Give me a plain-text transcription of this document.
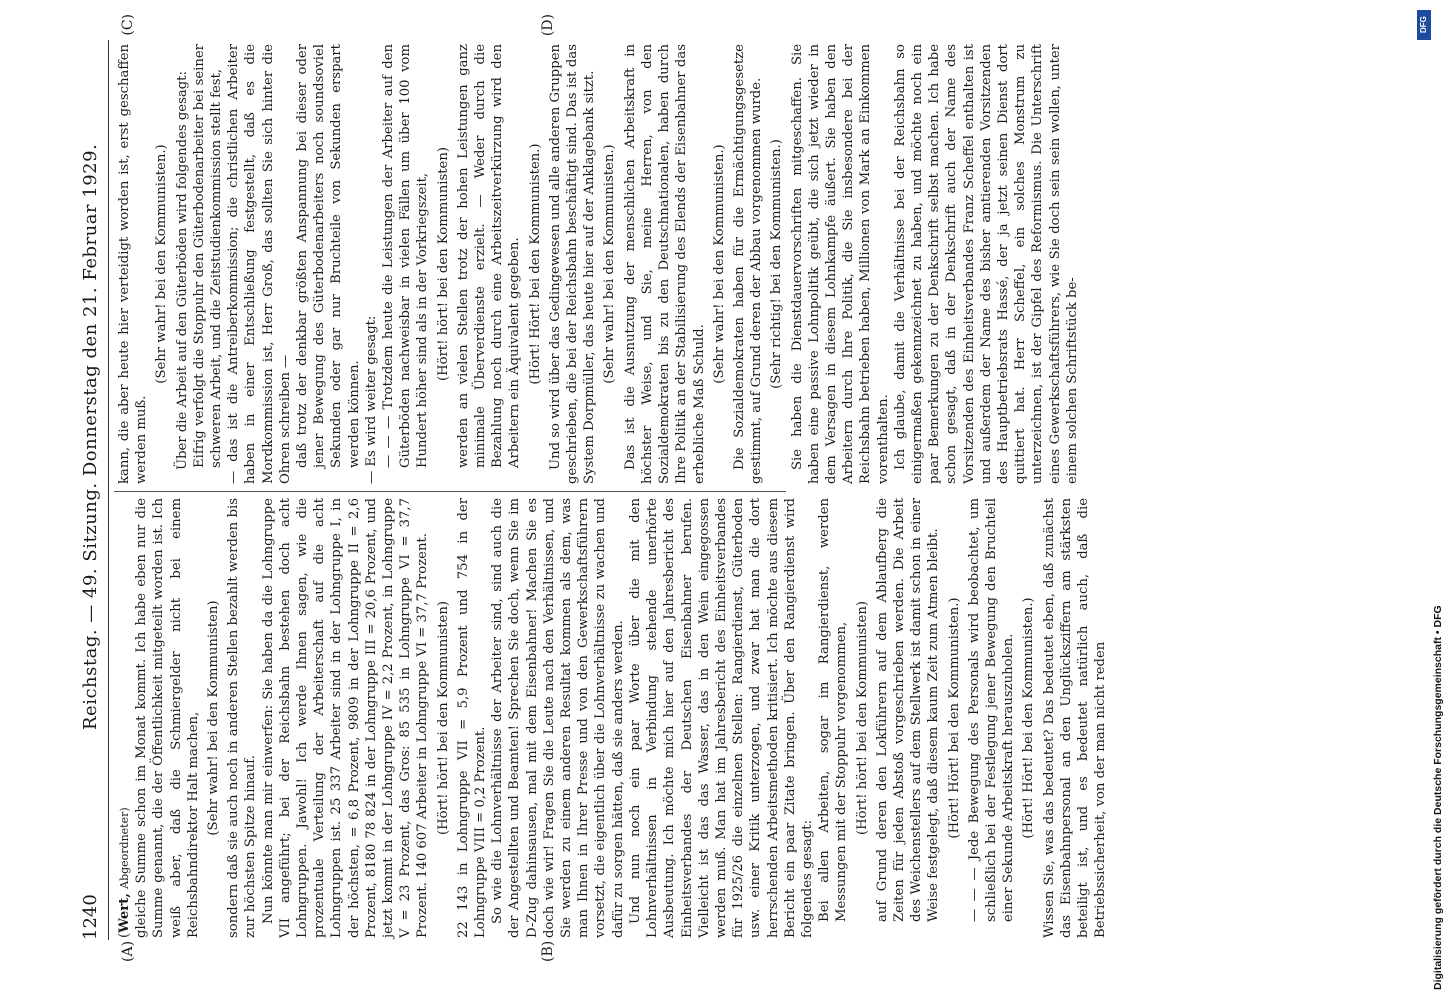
1240
Reichstag. — 49. Sitzung. Donnerstag den 21. Februar 1929.
(A)	(B)
(C)	(D)

(Wert, Abgeordneter) gleiche Summe schon im Monat kommt. Ich habe eben nur die Summe genannt, die der Öffentlichkeit mitgeteilt worden ist. Ich weiß aber, daß die Schmiergelder nicht bei einem Reichsbahndirektor Halt machen, (Sehr wahr! bei den Kommunisten) sondern daß sie auch noch in anderen Stellen bezahlt werden bis zur höchsten Spitze hinauf. Nun könnte man mir einwerfen: Sie haben da die Lohngruppe VII angeführt; bei der Reichsbahn bestehen doch acht Lohngruppen. Jawohl! Ich werde Ihnen sagen, wie die prozentuale Verteilung der Arbeiterschaft auf die acht Lohngruppen ist. 25 337 Arbeiter sind in der Lohngruppe I, in der höchsten, = 6,8 Prozent, 9809 in der Lohngruppe II = 2,6 Prozent, 8180 78 824 in der Lohngruppe III = 20,6 Prozent, und jetzt kommt in der Lohngruppe IV = 2,2 Prozent, in Lohngruppe V = 23 Prozent, das Gros: 85 535 in Lohngruppe VI = 37,7 Prozent. 140 607 Arbeiter in Lohngruppe VI = 37,7 Prozent. (Hört! hört! bei den Kommunisten) 22 143 in Lohngruppe VII = 5,9 Prozent und 754 in der Lohngruppe VIII = 0,2 Prozent. So wie die Lohnverhältnisse der Arbeiter sind, sind auch die der Angestellten und Beamten! Sprechen Sie doch, wenn Sie im D-Zug dahinsausen, mal mit dem Eisenbahner! Machen Sie es doch wie wir! Fragen Sie die Leute nach den Verhältnissen, und Sie werden zu einem anderen Resultat kommen als dem, was man Ihnen in Ihrer Presse und von den Gewerkschaftsführern vorsetzt, die eigentlich über die Lohnverhältnisse zu wachen und dafür zu sorgen hätten, daß sie anders werden. Und nun noch ein paar Worte über die mit den Lohnverhältnissen in Verbindung stehende unerhörte Ausbeutung. Ich möchte mich hier auf den Jahresbericht des Einheitsverbandes der Deutschen Eisenbahner berufen. Vielleicht ist das das Wasser, das in den Wein eingegossen werden muß. Man hat im Jahresbericht des Einheitsverbandes für 1925/26 die einzelnen Stellen: Rangierdienst, Güterboden usw. einer Kritik unterzogen, und zwar hat man die dort herrschenden Arbeitsmethoden kritisiert. Ich möchte aus diesem Bericht ein paar Zitate bringen. Über den Rangierdienst wird folgendes gesagt: Bei allen Arbeiten, sogar im Rangierdienst, werden Messungen mit der Stoppuhr vorgenommen, (Hört! hört! bei den Kommunisten) auf Grund deren den Lokführern auf dem Ablaufberg die Zeiten für jeden Abstoß vorgeschrieben werden. Die Arbeit des Weichenstellers auf dem Stellwerk ist damit schon in einer Weise festgelegt, daß diesem kaum Zeit zum Atmen bleibt. (Hört! Hört! bei den Kommunisten.) — — — Jede Bewegung des Personals wird beobachtet, um schließlich bei der Festlegung jener Bewegung den Bruchteil einer Sekunde Arbeitskraft herauszuholen. (Hört! Hört! bei den Kommunisten.) Wissen Sie, was das bedeutet? Das bedeutet eben, daß zunächst das Eisenbahnpersonal an den Unglücksziffern am stärksten beteiligt ist, und es bedeutet natürlich auch, daß die Betriebssicherheit, von der man nicht reden

kann, die aber heute hier verteidigt worden ist, erst geschaffen werden muß.

(Sehr wahr! bei den Kommunisten.) Über die Arbeit auf den Güterböden wird folgendes gesagt: Eifrig verfolgt die Stoppuhr den Güterbodenarbeiter bei seiner schweren Arbeit, und die Zeitstudienkommission stellt fest, — das ist die Antreiberkommission; die christlichen Arbeiter haben in einer Entschließung festgestellt, daß es die Mordkommission ist, Herr Groß, das sollten Sie sich hinter die Ohren schreiben — daß trotz der denkbar größten Anspannung bei dieser oder jener Bewegung des Güterbodenarbeiters noch soundsoviel Sekunden oder gar nur Bruchteile von Sekunden erspart werden können. — Es wird weiter gesagt: — — — Trotzdem heute die Leistungen der Arbeiter auf den Güterböden nachweisbar in vielen Fällen um über 100 vom Hundert höher sind als in der Vorkriegszeit, (Hört! hört! bei den Kommunisten) werden an vielen Stellen trotz der hohen Leistungen ganz minimale Überverdienste erzielt. — Weder durch die Bezahlung noch durch eine Arbeitszeitverkürzung wird den Arbeitern ein Äquivalent gegeben. (Hört! Hört! bei den Kommunisten.) Und so wird über das Gedingewesen und alle anderen Gruppen geschrieben, die bei der Reichsbahn beschäftigt sind. Das ist das System Dorpmüller, das heute hier auf der Anklagebank sitzt. (Sehr wahr! bei den Kommunisten.) Das ist die Ausnutzung der menschlichen Arbeitskraft in höchster Weise, und Sie, meine Herren, von den Sozialdemokraten bis zu den Deutschnationalen, haben durch Ihre Politik an der Stabilisierung des Elends der Eisenbahner das erhebliche Maß Schuld.

(Sehr wahr! bei den Kommunisten.) Die Sozialdemokraten haben für die Ermächtigungsgesetze gestimmt, auf Grund deren der Abbau vorgenommen wurde. (Sehr richtig! bei den Kommunisten.) Sie haben die Dienstdauervorschriften mitgeschaffen. Sie haben eine passive Lohnpolitik geübt, die sich jetzt wieder in dem Versagen in diesem Lohnkampfe äußert. Sie haben den Arbeitern durch Ihre Politik, die Sie insbesondere bei der Reichsbahn betrieben haben, Millionen von Mark an Einkommen vorenthalten. Ich glaube, damit die Verhältnisse bei der Reichsbahn so einigermaßen gekennzeichnet zu haben, und möchte noch ein paar Bemerkungen zu der Denkschrift selbst machen. Ich habe schon gesagt, daß in der Denkschrift auch der Name des Vorsitzenden des Einheitsverbandes Franz Scheffel enthalten ist und außerdem der Name des bisher amtierenden Vorsitzenden des Hauptbetriebsrats Hassé, der ja jetzt seinen Dienst dort quittiert hat. Herr Scheffel, ein solches Monstrum zu unterzeichnen, ist der Gipfel des Reformismus. Die Unterschrift eines Gewerkschaftsführers, wie Sie doch sein sein wollen, unter einem solchen Schriftstück be-

DFG
Digitalisierung gefördert durch die Deutsche Forschungsgemeinschaft • DFG
